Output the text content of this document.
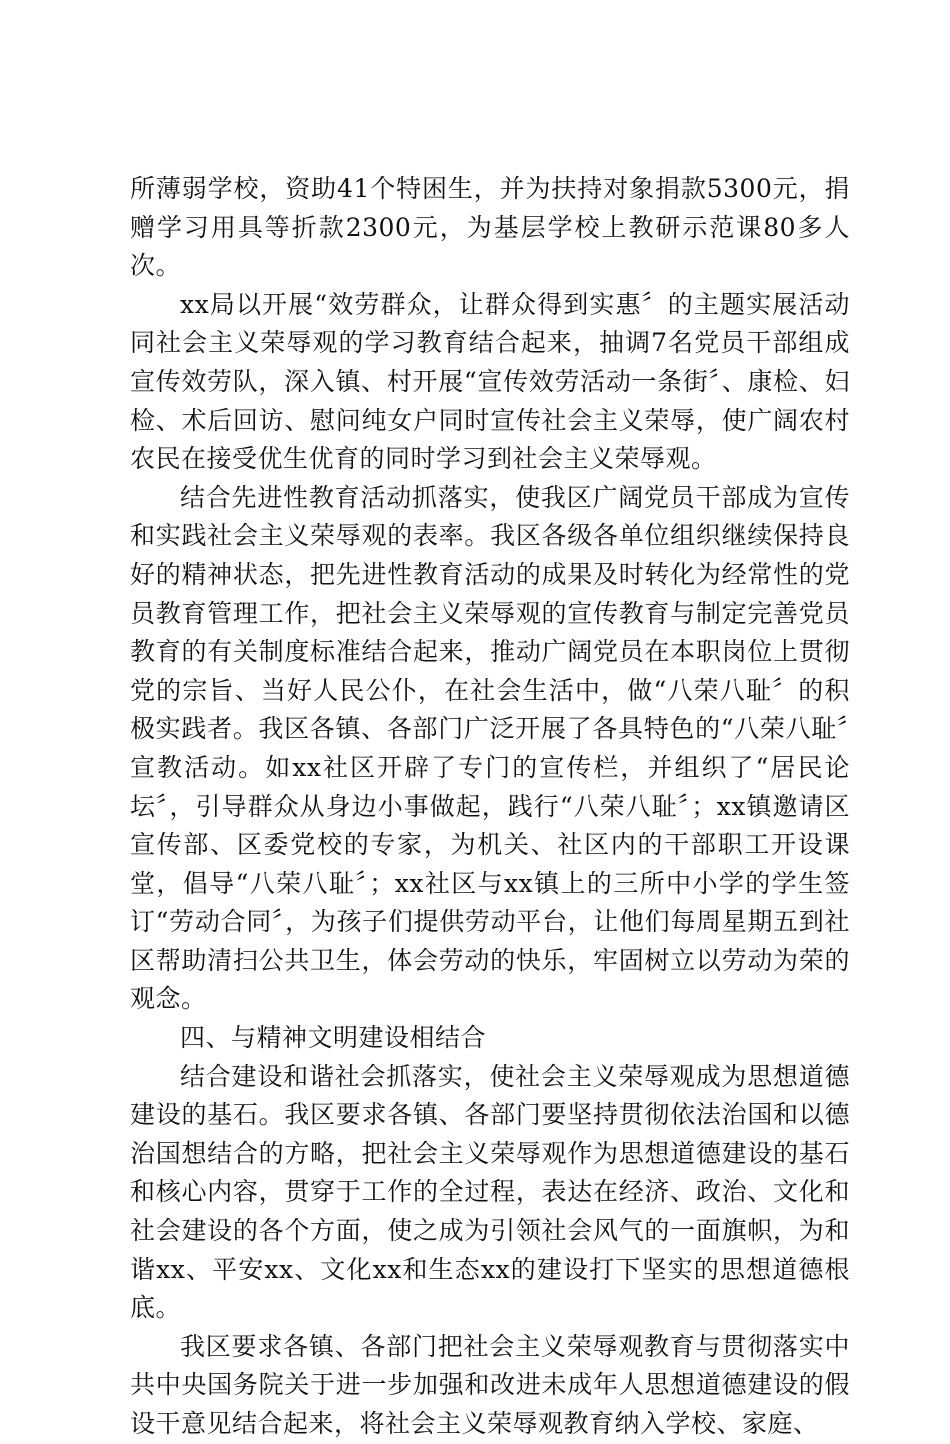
所薄弱学校，资助41个特困生，并为扶持对象捐款5300元，捐赠学习用具等折款2300元，为基层学校上教研示范课80多人次。

xx局以开展“效劳群众，让群众得到实惠〞的主题实展活动同社会主义荣辱观的学习教育结合起来，抽调7名党员干部组成宣传效劳队，深入镇、村开展“宣传效劳活动一条街〞、康检、妇检、术后回访、慰问纯女户同时宣传社会主义荣辱，使广阔农村农民在接受优生优育的同时学习到社会主义荣辱观。

结合先进性教育活动抓落实，使我区广阔党员干部成为宣传和实践社会主义荣辱观的表率。我区各级各单位组织继续保持良好的精神状态，把先进性教育活动的成果及时转化为经常性的党员教育管理工作，把社会主义荣辱观的宣传教育与制定完善党员教育的有关制度标准结合起来，推动广阔党员在本职岗位上贯彻党的宗旨、当好人民公仆，在社会生活中，做“八荣八耻〞的积极实践者。我区各镇、各部门广泛开展了各具特色的“八荣八耻〞宣教活动。如xx社区开辟了专门的宣传栏，并组织了“居民论坛〞，引导群众从身边小事做起，践行“八荣八耻〞；xx镇邀请区宣传部、区委党校的专家，为机关、社区内的干部职工开设课堂，倡导“八荣八耻〞；xx社区与xx镇上的三所中小学的学生签订“劳动合同〞，为孩子们提供劳动平台，让他们每周星期五到社区帮助清扫公共卫生，体会劳动的快乐，牢固树立以劳动为荣的观念。

四、与精神文明建设相结合

结合建设和谐社会抓落实，使社会主义荣辱观成为思想道德建设的基石。我区要求各镇、各部门要坚持贯彻依法治国和以德治国想结合的方略，把社会主义荣辱观作为思想道德建设的基石和核心内容，贯穿于工作的全过程，表达在经济、政治、文化和社会建设的各个方面，使之成为引领社会风气的一面旗帜，为和谐xx、平安xx、文化xx和生态xx的建设打下坚实的思想道德根底。

我区要求各镇、各部门把社会主义荣辱观教育与贯彻落实中共中央国务院关于进一步加强和改进未成年人思想道德建设的假设干意见结合起来，将社会主义荣辱观教育纳入学校、家庭、
